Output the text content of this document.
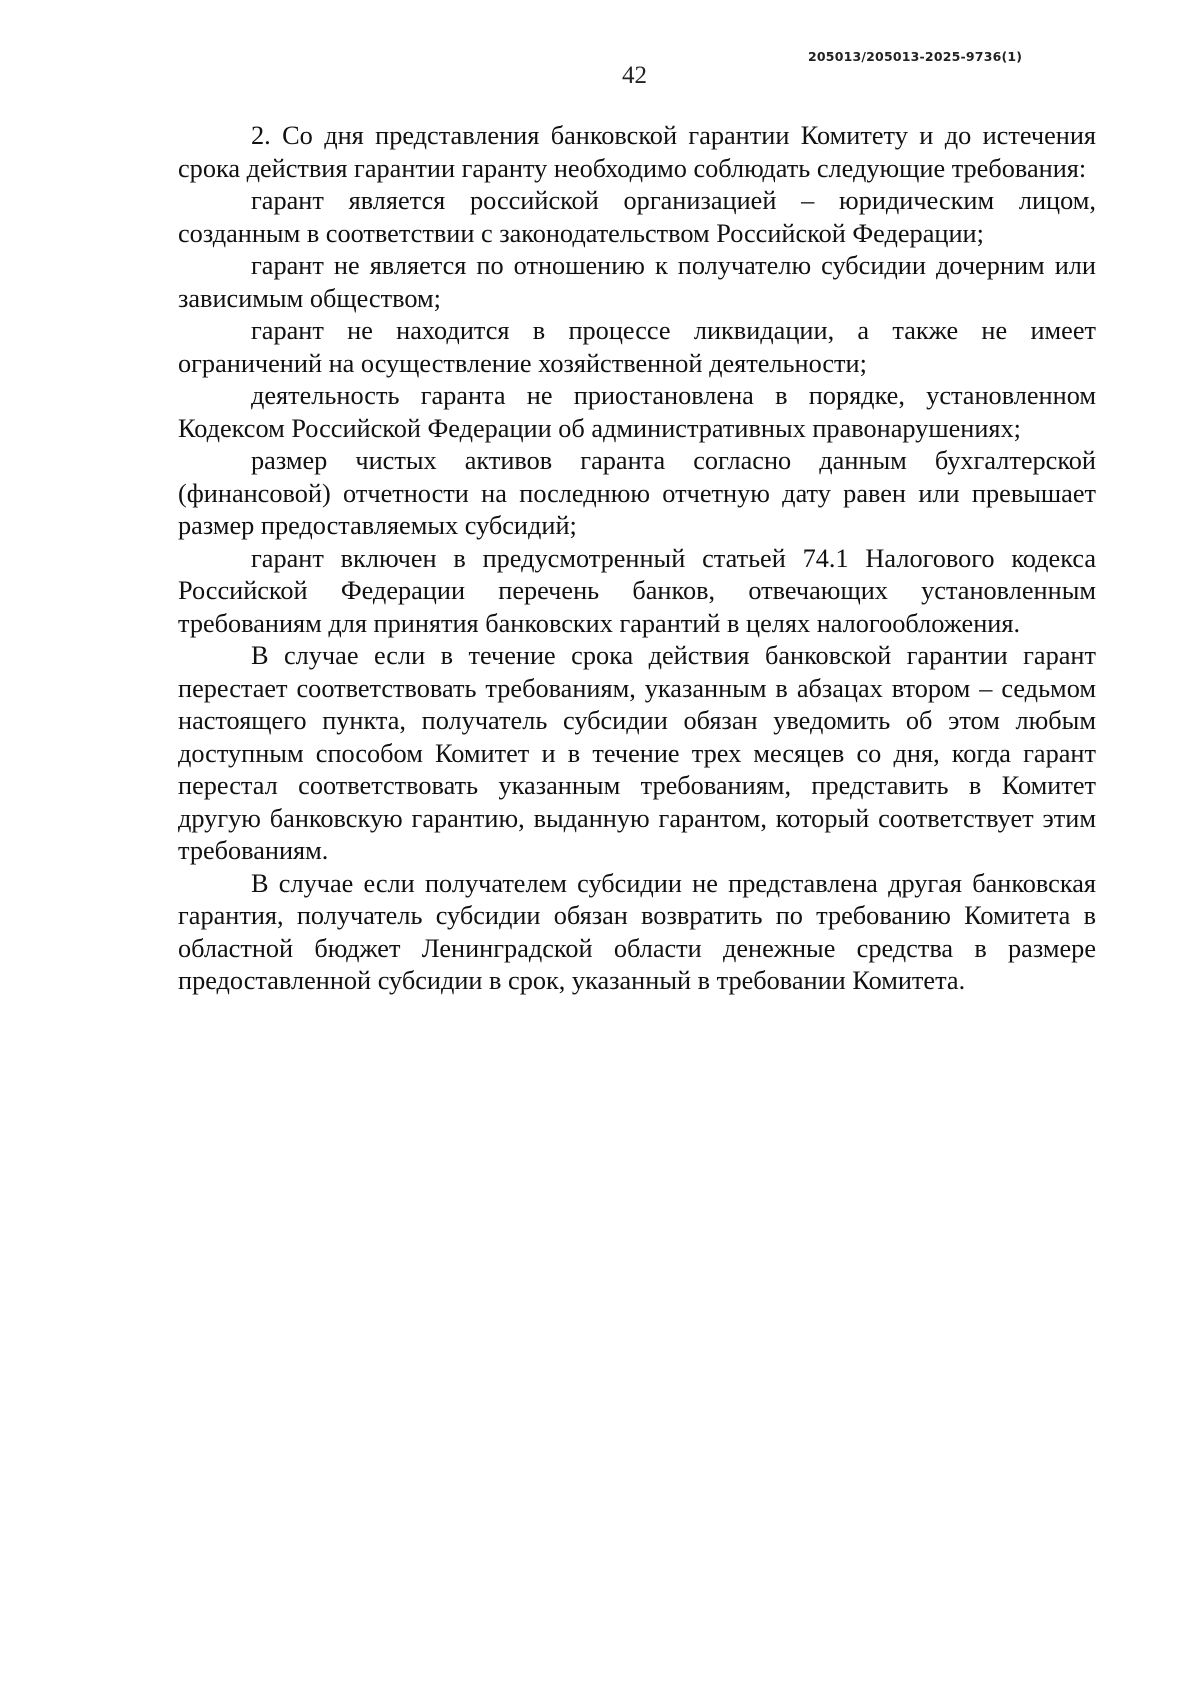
205013/205013-2025-9736(1)
42

2. Со дня представления банковской гарантии Комитету и до истечения срока действия гарантии гаранту необходимо соблюдать следующие требования:

гарант является российской организацией – юридическим лицом, созданным в соответствии с законодательством Российской Федерации;

гарант не является по отношению к получателю субсидии дочерним или зависимым обществом;

гарант не находится в процессе ликвидации, а также не имеет ограничений на осуществление хозяйственной деятельности;

деятельность гаранта не приостановлена в порядке, установленном Кодексом Российской Федерации об административных правонарушениях;

размер чистых активов гаранта согласно данным бухгалтерской (финансовой) отчетности на последнюю отчетную дату равен или превышает размер предоставляемых субсидий;

гарант включен в предусмотренный статьей 74.1 Налогового кодекса Российской Федерации перечень банков, отвечающих установленным требованиям для принятия банковских гарантий в целях налогообложения.

В случае если в течение срока действия банковской гарантии гарант перестает соответствовать требованиям, указанным в абзацах втором – седьмом настоящего пункта, получатель субсидии обязан уведомить об этом любым доступным способом Комитет и в течение трех месяцев со дня, когда гарант перестал соответствовать указанным требованиям, представить в Комитет другую банковскую гарантию, выданную гарантом, который соответствует этим требованиям.

В случае если получателем субсидии не представлена другая банковская гарантия, получатель субсидии обязан возвратить по требованию Комитета в областной бюджет Ленинградской области денежные средства в размере предоставленной субсидии в срок, указанный в требовании Комитета.
